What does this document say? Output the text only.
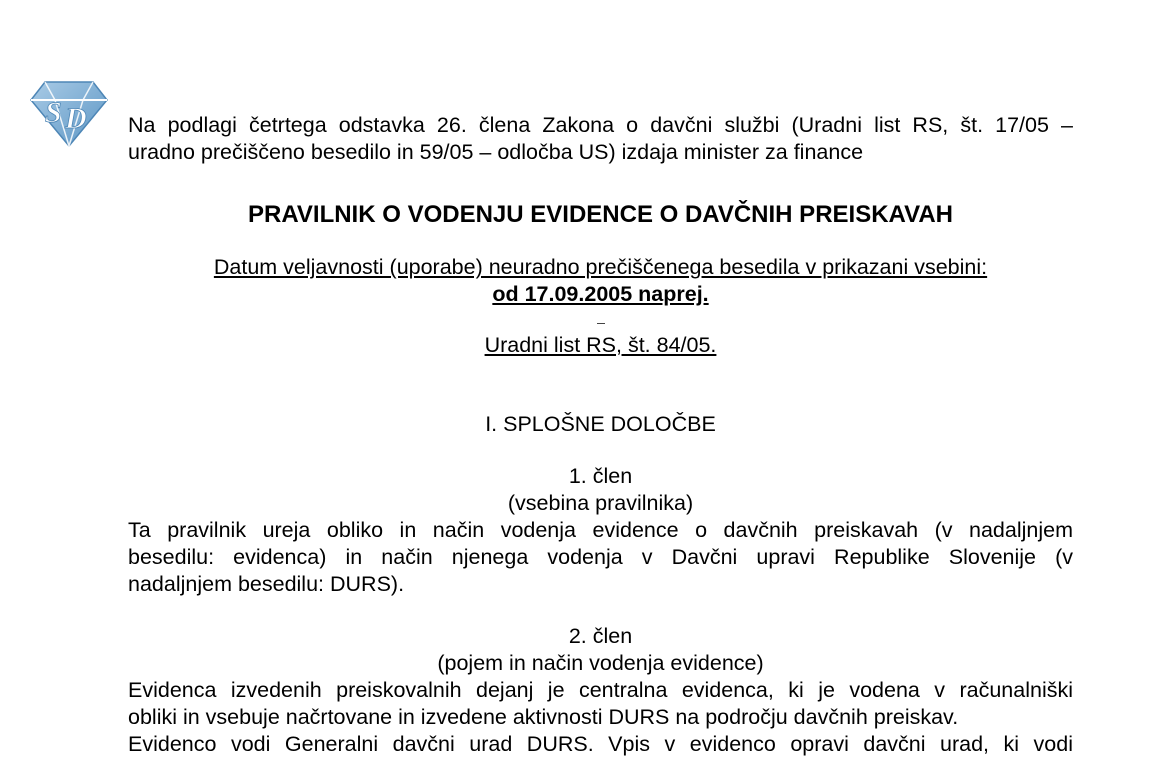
S D Na podlagi četrtega odstavka 26. člena Zakona o davčni službi (Uradni list RS, št. 17/05 –
uradno prečiščeno besedilo in 59/05 – odločba US) izdaja minister za finance

PRAVILNIK O VODENJU EVIDENCE O DAVČNIH PREISKAVAH

Datum veljavnosti (uporabe) neuradno prečiščenega besedila v prikazani vsebini:
od 17.09.2005 naprej.

Uradni list RS, št. 84/05.

I. SPLOŠNE DOLOČBE

1. člen

(vsebina pravilnika)

Ta pravilnik ureja obliko in način vodenja evidence o davčnih preiskavah (v nadaljnjem
besedilu: evidenca) in način njenega vodenja v Davčni upravi Republike Slovenije (v
nadaljnjem besedilu: DURS).

2. člen

(pojem in način vodenja evidence)

Evidenca izvedenih preiskovalnih dejanj je centralna evidenca, ki je vodena v računalniški
obliki in vsebuje načrtovane in izvedene aktivnosti DURS na področju davčnih preiskav.
Evidenco vodi Generalni davčni urad DURS. Vpis v evidenco opravi davčni urad, ki vodi
